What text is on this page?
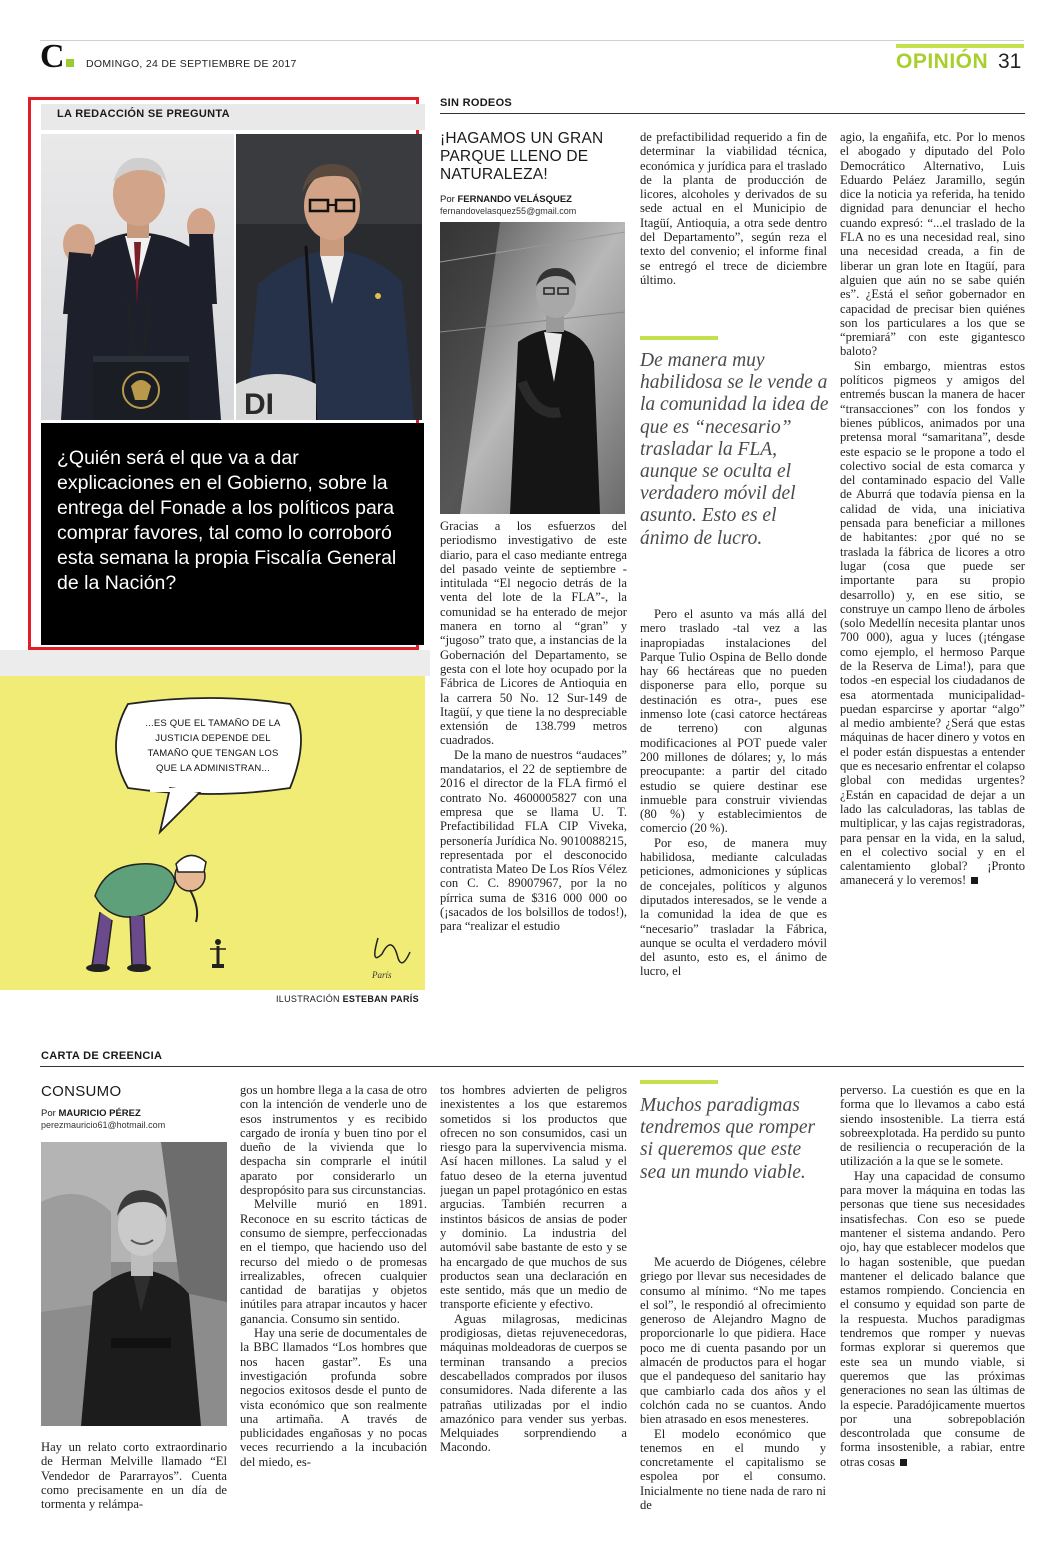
C	DOMINGO, 24 DE SEPTIEMBRE DE 2017	OPINIÓN 31
LA REDACCIÓN SE PREGUNTA
DI
¿Quién será el que va a dar explicaciones en el Gobierno, sobre la entrega del Fonade a los políticos para comprar favores, tal como lo corroboró esta semana la propia Fiscalía General de la Nación?
...ES QUE EL TAMAÑO DE LA JUSTICIA DEPENDE DEL TAMAÑO QUE TENGAN LOS QUE LA ADMINISTRAN...
París
ILUSTRACIÓN ESTEBAN PARÍS
SIN RODEOS
¡HAGAMOS UN GRAN PARQUE LLENO DE NATURALEZA!
Por FERNANDO VELÁSQUEZ
fernandovelasquez55@gmail.com

Gracias a los esfuerzos del periodismo investigativo de este diario, para el caso mediante entrega del pasado veinte de septiembre -intitulada “El negocio detrás de la venta del lote de la FLA”-, la comunidad se ha enterado de mejor manera en torno al “gran” y “jugoso” trato que, a instancias de la Gobernación del Departamento, se gesta con el lote hoy ocupado por la Fábrica de Licores de Antioquia en la carrera 50 No. 12 Sur-149 de Itagüí, y que tiene la no despreciable extensión de 138.799 metros cuadrados.

De la mano de nuestros “audaces” mandatarios, el 22 de septiembre de 2016 el director de la FLA firmó el contrato No. 4600005827 con una empresa que se llama U. T. Prefactibilidad FLA CIP Viveka, personería Jurídica No. 9010088215, representada por el desconocido contratista Mateo De Los Ríos Vélez con C. C. 89007967, por la no pírrica suma de $316 000 000 oo (¡sacados de los bolsillos de todos!), para “realizar el estudio

de prefactibilidad requerido a fin de determinar la viabilidad técnica, económica y jurídica para el traslado de la planta de producción de licores, alcoholes y derivados de su sede actual en el Municipio de Itagüí, Antioquia, a otra sede dentro del Departamento”, según reza el texto del convenio; el informe final se entregó el trece de diciembre último.

De manera muy habilidosa se le vende a la comunidad la idea de que es “necesario” trasladar la FLA, aunque se oculta el verdadero móvil del asunto. Esto es el ánimo de lucro.

Pero el asunto va más allá del mero traslado -tal vez a las inapropiadas instalaciones del Parque Tulio Ospina de Bello donde hay 66 hectáreas que no pueden disponerse para ello, porque su destinación es otra-, pues ese inmenso lote (casi catorce hectáreas de terreno) con algunas modificaciones al POT puede valer 200 millones de dólares; y, lo más preocupante: a partir del citado estudio se quiere destinar ese inmueble para construir viviendas (80 %) y establecimientos de comercio (20 %).

Por eso, de manera muy habilidosa, mediante calculadas peticiones, admoniciones y súplicas de concejales, políticos y algunos diputados interesados, se le vende a la comunidad la idea de que es “necesario” trasladar la Fábrica, aunque se oculta el verdadero móvil del asunto, esto es, el ánimo de lucro, el

agio, la engañifa, etc. Por lo menos el abogado y diputado del Polo Democrático Alternativo, Luis Eduardo Peláez Jaramillo, según dice la noticia ya referida, ha tenido dignidad para denunciar el hecho cuando expresó: “...el traslado de la FLA no es una necesidad real, sino una necesidad creada, a fin de liberar un gran lote en Itagüí, para alguien que aún no se sabe quién es”. ¿Está el señor gobernador en capacidad de precisar bien quiénes son los particulares a los que se “premiará” con este gigantesco baloto?

Sin embargo, mientras estos políticos pigmeos y amigos del entremés buscan la manera de hacer “transacciones” con los fondos y bienes públicos, animados por una pretensa moral “samaritana”, desde este espacio se le propone a todo el colectivo social de esta comarca y del contaminado espacio del Valle de Aburrá que todavía piensa en la calidad de vida, una iniciativa pensada para beneficiar a millones de habitantes: ¿por qué no se traslada la fábrica de licores a otro lugar (cosa que puede ser importante para su propio desarrollo) y, en ese sitio, se construye un campo lleno de árboles (solo Medellín necesita plantar unos 700 000), agua y luces (¡téngase como ejemplo, el hermoso Parque de la Reserva de Lima!), para que todos -en especial los ciudadanos de esa atormentada municipalidad- puedan esparcirse y aportar “algo” al medio ambiente? ¿Será que estas máquinas de hacer dinero y votos en el poder están dispuestas a entender que es necesario enfrentar el colapso global con medidas urgentes? ¿Están en capacidad de dejar a un lado las calculadoras, las tablas de multiplicar, y las cajas registradoras, para pensar en la vida, en la salud, en el colectivo social y en el calentamiento global? ¡Pronto amanecerá y lo veremos!

CARTA DE CREENCIA
CONSUMO
Por MAURICIO PÉREZ
perezmauricio61@hotmail.com

Hay un relato corto extraordinario de Herman Melville llamado “El Vendedor de Pararrayos”. Cuenta como precisamente en un día de tormenta y relámpa-

gos un hombre llega a la casa de otro con la intención de venderle uno de esos instrumentos y es recibido cargado de ironía y buen tino por el dueño de la vivienda que lo despacha sin comprarle el inútil aparato por considerarlo un despropósito para sus circunstancias.

Melville murió en 1891. Reconoce en su escrito tácticas de consumo de siempre, perfeccionadas en el tiempo, que haciendo uso del recurso del miedo o de promesas irrealizables, ofrecen cualquier cantidad de baratijas y objetos inútiles para atrapar incautos y hacer ganancia. Consumo sin sentido.

Hay una serie de documentales de la BBC llamados “Los hombres que nos hacen gastar”. Es una investigación profunda sobre negocios exitosos desde el punto de vista económico que son realmente una artimaña. A través de publicidades engañosas y no pocas veces recurriendo a la incubación del miedo, es-

tos hombres advierten de peligros inexistentes a los que estaremos sometidos si los productos que ofrecen no son consumidos, casi un riesgo para la supervivencia misma. Así hacen millones. La salud y el fatuo deseo de la eterna juventud juegan un papel protagónico en estas argucias. También recurren a instintos básicos de ansias de poder y dominio. La industria del automóvil sabe bastante de esto y se ha encargado de que muchos de sus productos sean una declaración en este sentido, más que un medio de transporte eficiente y efectivo.

Aguas milagrosas, medicinas prodigiosas, dietas rejuvenecedoras, máquinas moldeadoras de cuerpos se terminan transando a precios descabellados comprados por ilusos consumidores. Nada diferente a las patrañas utilizadas por el indio amazónico para vender sus yerbas. Melquiades sorprendiendo a Macondo.

Muchos paradigmas tendremos que romper si queremos que este sea un mundo viable.

Me acuerdo de Diógenes, célebre griego por llevar sus necesidades de consumo al mínimo. “No me tapes el sol”, le respondió al ofrecimiento generoso de Alejandro Magno de proporcionarle lo que pidiera. Hace poco me di cuenta pasando por un almacén de productos para el hogar que el pandequeso del sanitario hay que cambiarlo cada dos años y el colchón cada no se cuantos. Ando bien atrasado en esos menesteres.

El modelo económico que tenemos en el mundo y concretamente el capitalismo se espolea por el consumo. Inicialmente no tiene nada de raro ni de

perverso. La cuestión es que en la forma que lo llevamos a cabo está siendo insostenible. La tierra está sobreexplotada. Ha perdido su punto de resiliencia o recuperación de la utilización a la que se le somete.

Hay una capacidad de consumo para mover la máquina en todas las personas que tiene sus necesidades insatisfechas. Con eso se puede mantener el sistema andando. Pero ojo, hay que establecer modelos que lo hagan sostenible, que puedan mantener el delicado balance que estamos rompiendo. Conciencia en el consumo y equidad son parte de la respuesta. Muchos paradigmas tendremos que romper y nuevas formas explorar si queremos que este sea un mundo viable, si queremos que las próximas generaciones no sean las últimas de la especie. Paradójicamente muertos por una sobrepoblación descontrolada que consume de forma insostenible, a rabiar, entre otras cosas
